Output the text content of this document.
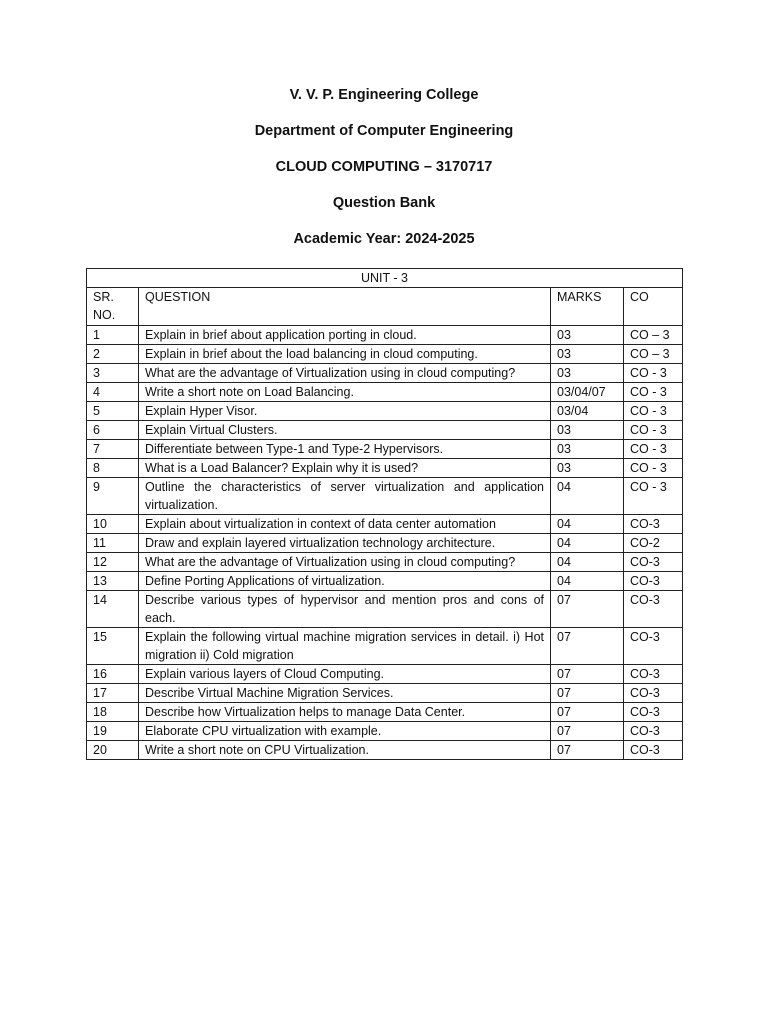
V. V. P. Engineering College
Department of Computer Engineering
CLOUD COMPUTING – 3170717
Question Bank
Academic Year: 2024-2025
UNIT - 3			
SR. NO.	QUESTION	MARKS	CO
1	Explain in brief about application porting in cloud.	03	CO – 3
2	Explain in brief about the load balancing in cloud computing.	03	CO – 3
3	What are the advantage of Virtualization using in cloud computing?	03	CO - 3
4	Write a short note on Load Balancing.	03/04/07	CO - 3
5	Explain Hyper Visor.	03/04	CO - 3
6	Explain Virtual Clusters.	03	CO - 3
7	Differentiate between Type-1 and Type-2 Hypervisors.	03	CO - 3
8	What is a Load Balancer? Explain why it is used?	03	CO - 3
9	Outline the characteristics of server virtualization and application virtualization.	04	CO - 3
10	Explain about virtualization in context of data center automation	04	CO-3
11	Draw and explain layered virtualization technology architecture.	04	CO-2
12	What are the advantage of Virtualization using in cloud computing?	04	CO-3
13	Define Porting Applications of virtualization.	04	CO-3
14	Describe various types of hypervisor and mention pros and cons of each.	07	CO-3
15	Explain the following virtual machine migration services in detail. i) Hot migration ii) Cold migration	07	CO-3
16	Explain various layers of Cloud Computing.	07	CO-3
17	Describe Virtual Machine Migration Services.	07	CO-3
18	Describe how Virtualization helps to manage Data Center.	07	CO-3
19	Elaborate CPU virtualization with example.	07	CO-3
20	Write a short note on CPU Virtualization.	07	CO-3
